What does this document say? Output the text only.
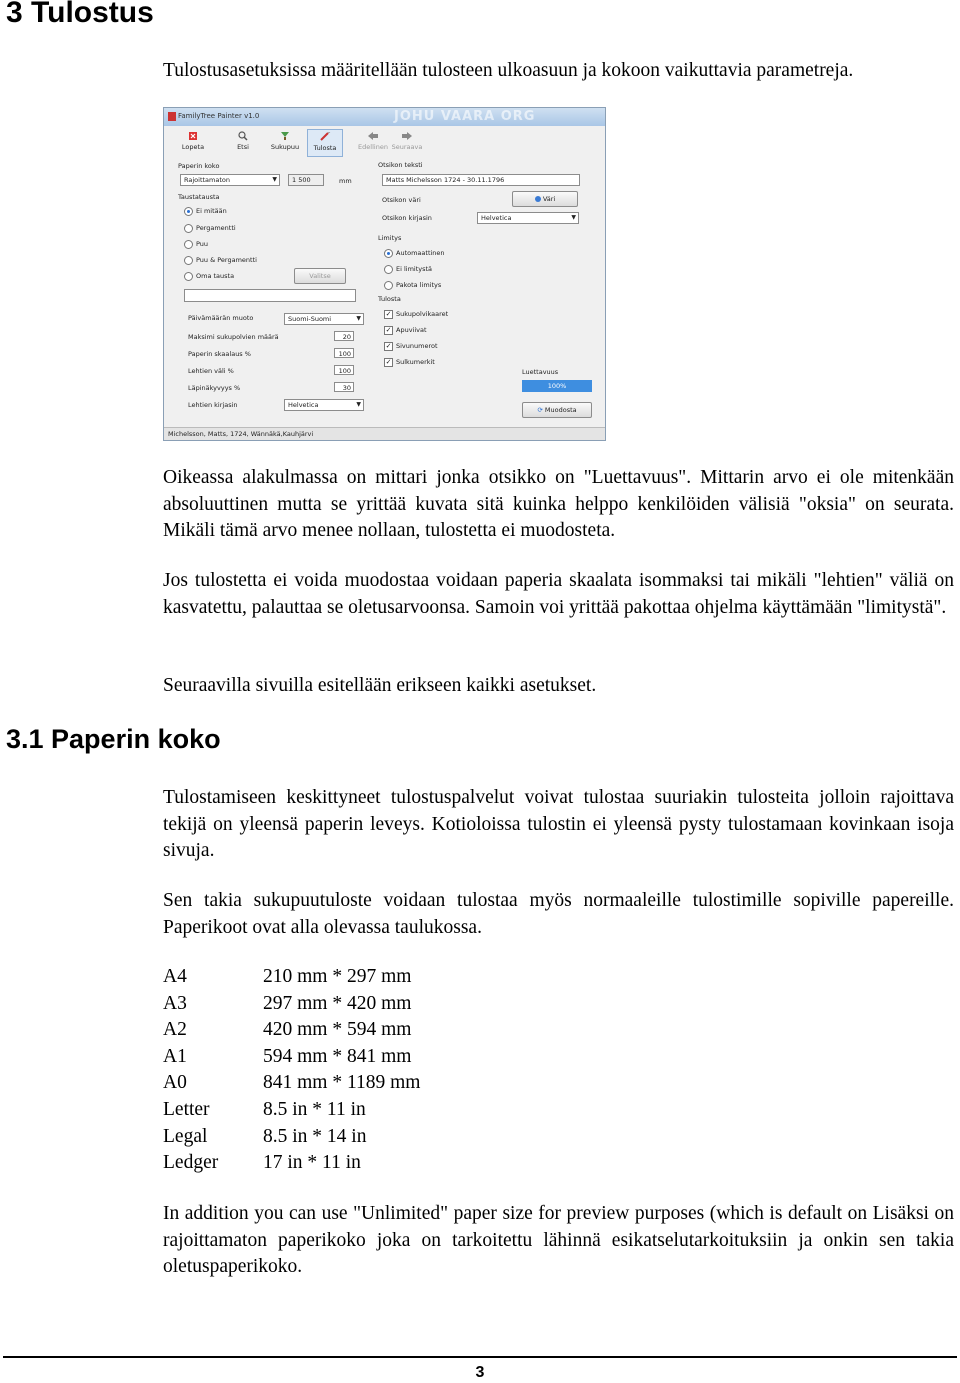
3 Tulostus
Tulostusasetuksissa määritellään tulosteen ulkoasuun ja kokoon vaikuttavia parametreja.
FamilyTree Painter v1.0	JOHU VAARA ORG
Lopeta	Etsi	Sukupuu	Tulosta	Edellinen Seuraava
Paperin koko
Rajoittamaton	▼ 1 500	mm
Taustatausta
Ei mitään
Pergamentti
Puu
Puu & Pergamentti
Oma tausta	Valitse
Päivämäärän muoto	Suomi-Suomi	▼
Maksimi sukupolvien määrä	20
Paperin skaalaus %	100
Lehtien väli %	100
Läpinäkyvyys %	30
Lehtien kirjasin	Helvetica	▼
Otsikon teksti
Matts Michelsson 1724 - 30.11.1796
Otsikon väri	Väri
Otsikon kirjasin	Helvetica	▼
Limitys
Automaattinen
Ei limitystä
Pakota limitys
Tulosta
✓ Sukupolvikaaret
✓ Apuviivat
✓ Sivunumerot
✓ Sulkumerkit
Luettavuus
100%
⟳ Muodosta
Michelsson, Matts, 1724, Wännäkä,Kauhjärvi
Oikeassa alakulmassa on mittari jonka otsikko on "Luettavuus". Mittarin arvo ei ole mitenkään absoluuttinen mutta se yrittää kuvata sitä kuinka helppo kenkilöiden välisiä "oksia" on seurata. Mikäli tämä arvo menee nollaan, tulostetta ei muodosteta.
Jos tulostetta ei voida muodostaa voidaan paperia skaalata isommaksi tai mikäli "lehtien" väliä on kasvatettu, palauttaa se oletusarvoonsa. Samoin voi yrittää pakottaa ohjelma käyttämään "limitystä".
Seuraavilla sivuilla esitellään erikseen kaikki asetukset.
3.1 Paperin koko
Tulostamiseen keskittyneet tulostuspalvelut voivat tulostaa suuriakin tulosteita jolloin rajoittava tekijä on yleensä paperin leveys. Kotioloissa tulostin ei yleensä pysty tulostamaan kovinkaan isoja sivuja.
Sen takia sukupuutuloste voidaan tulostaa myös normaaleille tulostimille sopiville papereille. Paperikoot ovat alla olevassa taulukossa.
A4	210 mm * 297 mm
A3	297 mm * 420 mm
A2	420 mm * 594 mm
A1	594 mm * 841 mm
A0	841 mm * 1189 mm
Letter	8.5 in * 11 in
Legal	8.5 in * 14 in
Ledger	17 in * 11 in
In addition you can use "Unlimited" paper size for preview purposes (which is default on Lisäksi on rajoittamaton paperikoko joka on tarkoitettu lähinnä esikatselutarkoituksiin ja onkin sen takia oletuspaperikoko.
3
